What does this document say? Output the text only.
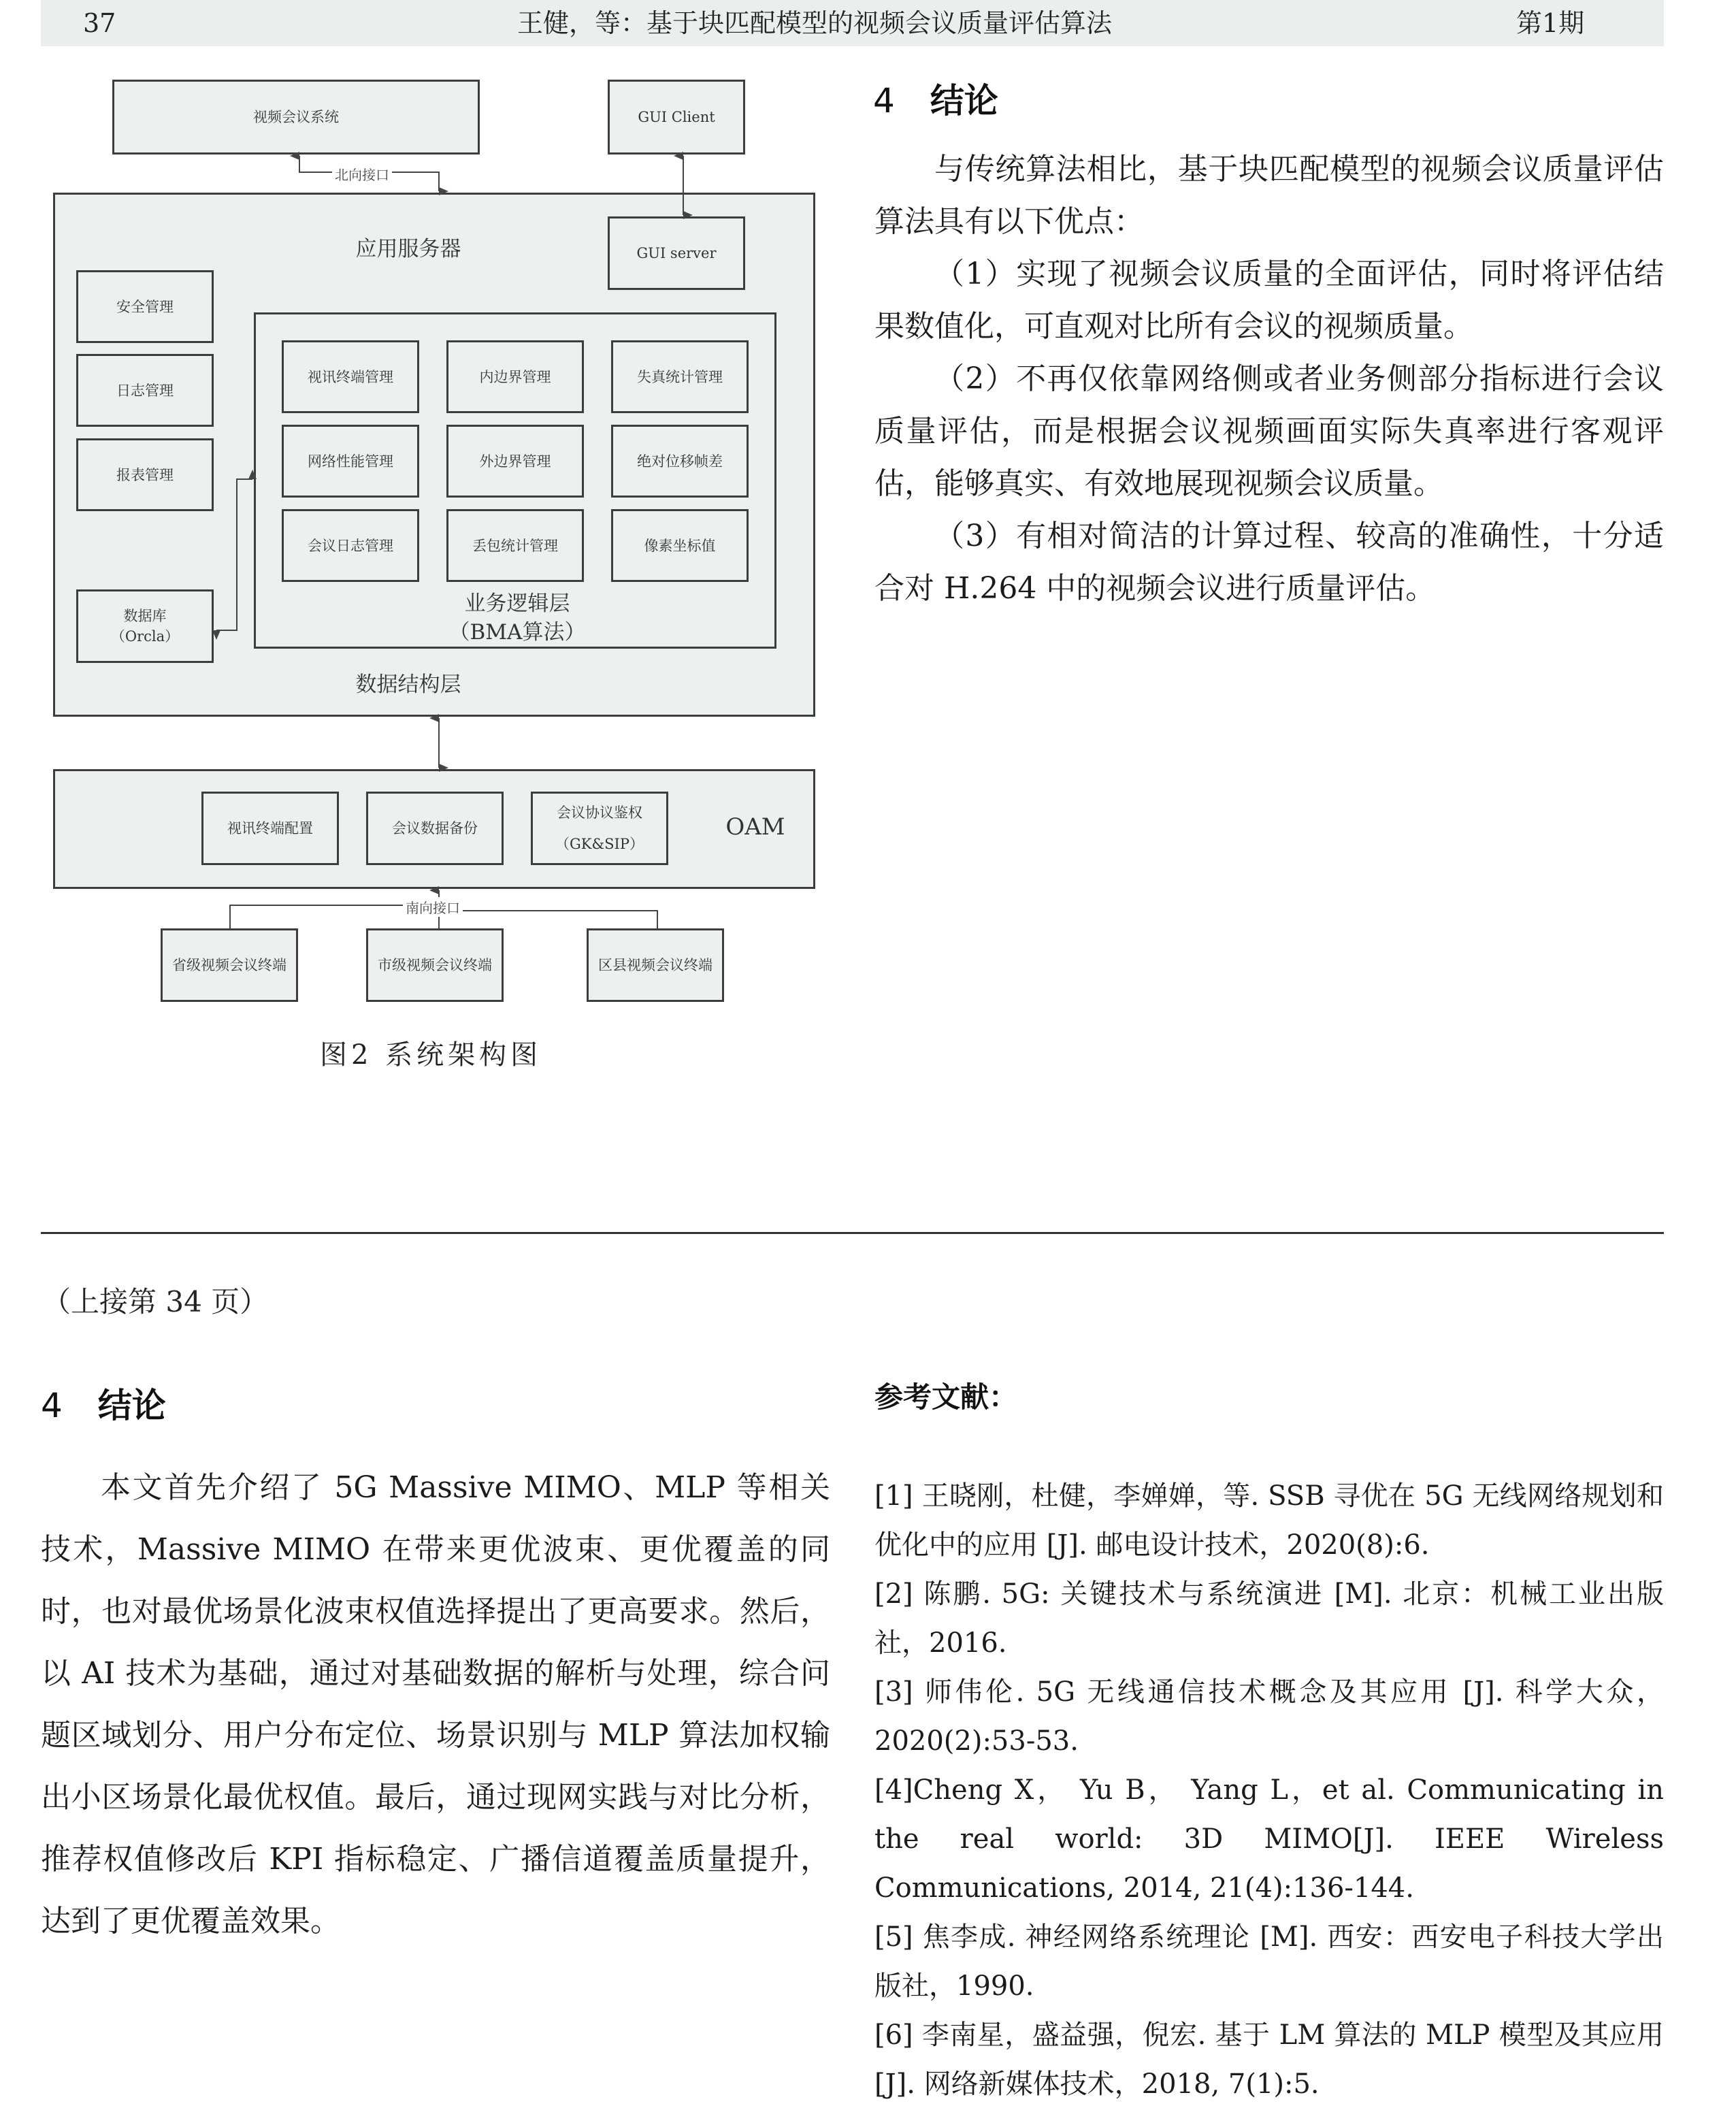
37	王健，等：基于块匹配模型的视频会议质量评估算法	第1期
视频会议系统	GUI Client
应用服务器	GUI server
安全管理
日志管理
报表管理
数据库
（Orcla）
视讯终端管理	内边界管理	失真统计管理
网络性能管理	外边界管理	绝对位移帧差
会议日志管理	丢包统计管理	像素坐标值
业务逻辑层
（BMA算法）
数据结构层
视讯终端配置	会议数据备份
会议协议鉴权
（GK&SIP）
OAM
省级视频会议终端	市级视频会议终端	区县视频会议终端
北向接口
南向接口
图2 系统架构图
4 结论
与传统算法相比，基于块匹配模型的视频会议质量评估算法具有以下优点：
（1）实现了视频会议质量的全面评估，同时将评估结果数值化，可直观对比所有会议的视频质量。
（2）不再仅依靠网络侧或者业务侧部分指标进行会议质量评估，而是根据会议视频画面实际失真率进行客观评估，能够真实、有效地展现视频会议质量。
（3）有相对简洁的计算过程、较高的准确性，十分适合对 H.264 中的视频会议进行质量评估。
（上接第 34 页）
4 结论
本文首先介绍了 5G Massive MIMO、MLP 等相关技术，Massive MIMO 在带来更优波束、更优覆盖的同时，也对最优场景化波束权值选择提出了更高要求。然后，以 AI 技术为基础，通过对基础数据的解析与处理，综合问题区域划分、用户分布定位、场景识别与 MLP 算法加权输出小区场景化最优权值。最后，通过现网实践与对比分析，推荐权值修改后 KPI 指标稳定、广播信道覆盖质量提升，达到了更优覆盖效果。
参考文献：
[1] 王晓刚，杜健，李婵婵，等. SSB 寻优在 5G 无线网络规划和优化中的应用 [J]. 邮电设计技术，2020(8):6.
[2] 陈鹏. 5G: 关键技术与系统演进 [M]. 北京：机械工业出版社，2016.
[3] 师伟伦. 5G 无线通信技术概念及其应用 [J]. 科学大众，2020(2):53-53.
[4]Cheng X， Yu B， Yang L，et al. Communicating in the real world: 3D MIMO[J]. IEEE Wireless Communications, 2014, 21(4):136-144.
[5] 焦李成. 神经网络系统理论 [M]. 西安：西安电子科技大学出版社，1990.
[6] 李南星，盛益强，倪宏. 基于 LM 算法的 MLP 模型及其应用 [J]. 网络新媒体技术，2018, 7(1):5.
